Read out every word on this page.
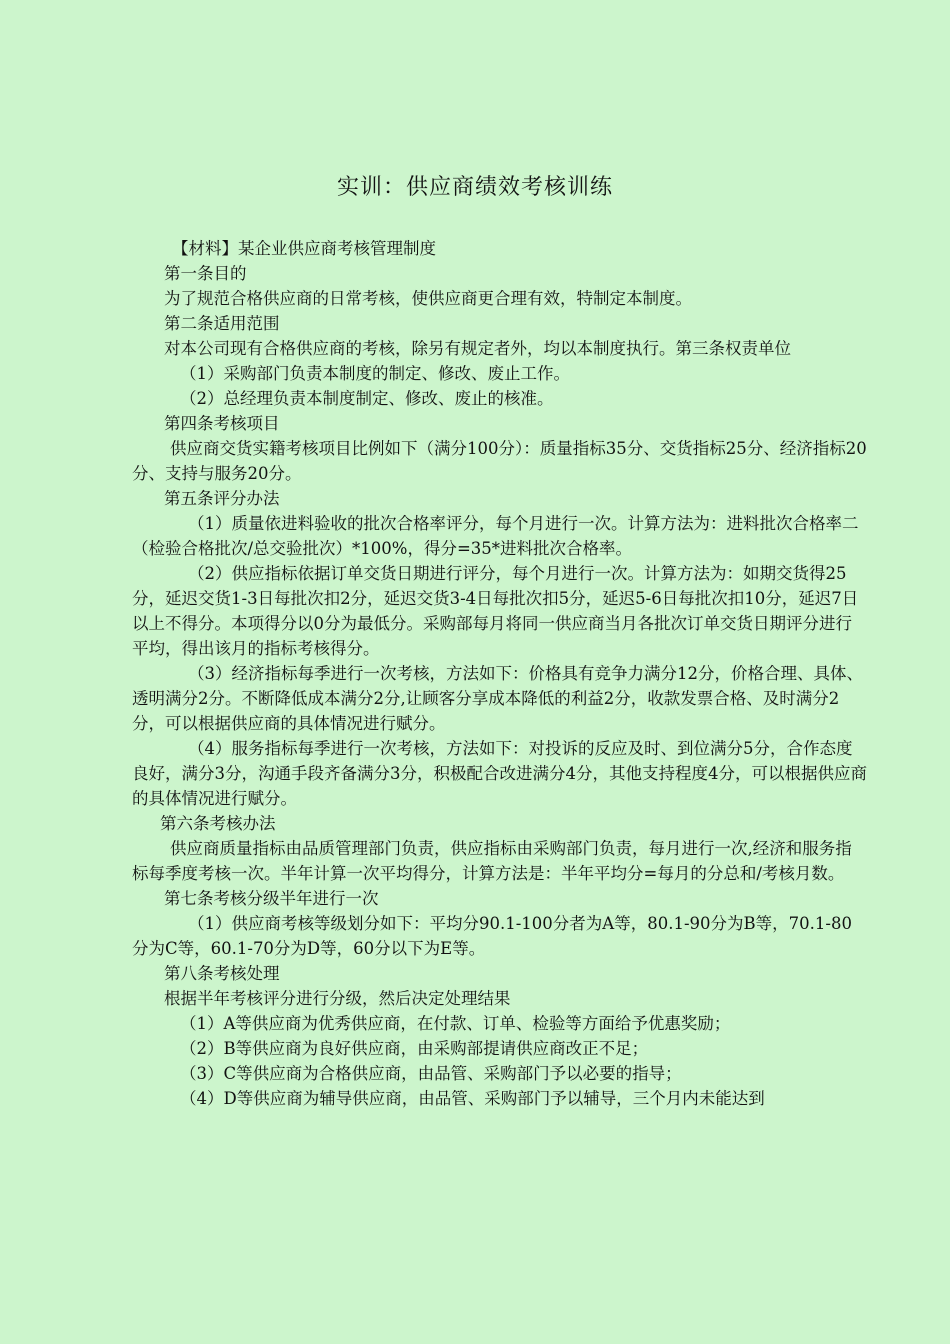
实训：供应商绩效考核训练

【材料】某企业供应商考核管理制度

第一条目的

为了规范合格供应商的日常考核，使供应商更合理有效，特制定本制度。

第二条适用范围

对本公司现有合格供应商的考核，除另有规定者外，均以本制度执行。第三条权责单位

（1）采购部门负责本制度的制定、修改、废止工作。

（2）总经理负责本制度制定、修改、废止的核准。

第四条考核项目

供应商交货实籍考核项目比例如下（满分100分）：质量指标35分、交货指标25分、经济指标20分、支持与服务20分。

第五条评分办法

（1）质量依进料验收的批次合格率评分，每个月进行一次。计算方法为：进料批次合格率二（检验合格批次/总交验批次）*100%，得分=35*进料批次合格率。

（2）供应指标依据订单交货日期进行评分，每个月进行一次。计算方法为：如期交货得25分，延迟交货1-3日每批次扣2分，延迟交货3-4日每批次扣5分，延迟5-6日每批次扣10分，延迟7日以上不得分。本项得分以0分为最低分。采购部每月将同一供应商当月各批次订单交货日期评分进行平均，得出该月的指标考核得分。

（3）经济指标每季进行一次考核，方法如下：价格具有竞争力满分12分，价格合理、具体、透明满分2分。不断降低成本满分2分,让顾客分享成本降低的利益2分，收款发票合格、及时满分2分，可以根据供应商的具体情况进行赋分。

（4）服务指标每季进行一次考核，方法如下：对投诉的反应及时、到位满分5分，合作态度良好，满分3分，沟通手段齐备满分3分，积极配合改进满分4分，其他支持程度4分，可以根据供应商的具体情况进行赋分。

第六条考核办法

供应商质量指标由品质管理部门负责，供应指标由采购部门负责，每月进行一次,经济和服务指标每季度考核一次。半年计算一次平均得分，计算方法是：半年平均分=每月的分总和/考核月数。

第七条考核分级半年进行一次

（1）供应商考核等级划分如下：平均分90.1-100分者为A等，80.1-90分为B等，70.1-80分为C等，60.1-70分为D等，60分以下为E等。

第八条考核处理

根据半年考核评分进行分级，然后决定处理结果

（1）A等供应商为优秀供应商，在付款、订单、检验等方面给予优惠奖励；

（2）B等供应商为良好供应商，由采购部提请供应商改正不足；

（3）C等供应商为合格供应商，由品管、采购部门予以必要的指导；

（4）D等供应商为辅导供应商，由品管、采购部门予以辅导，三个月内未能达到
